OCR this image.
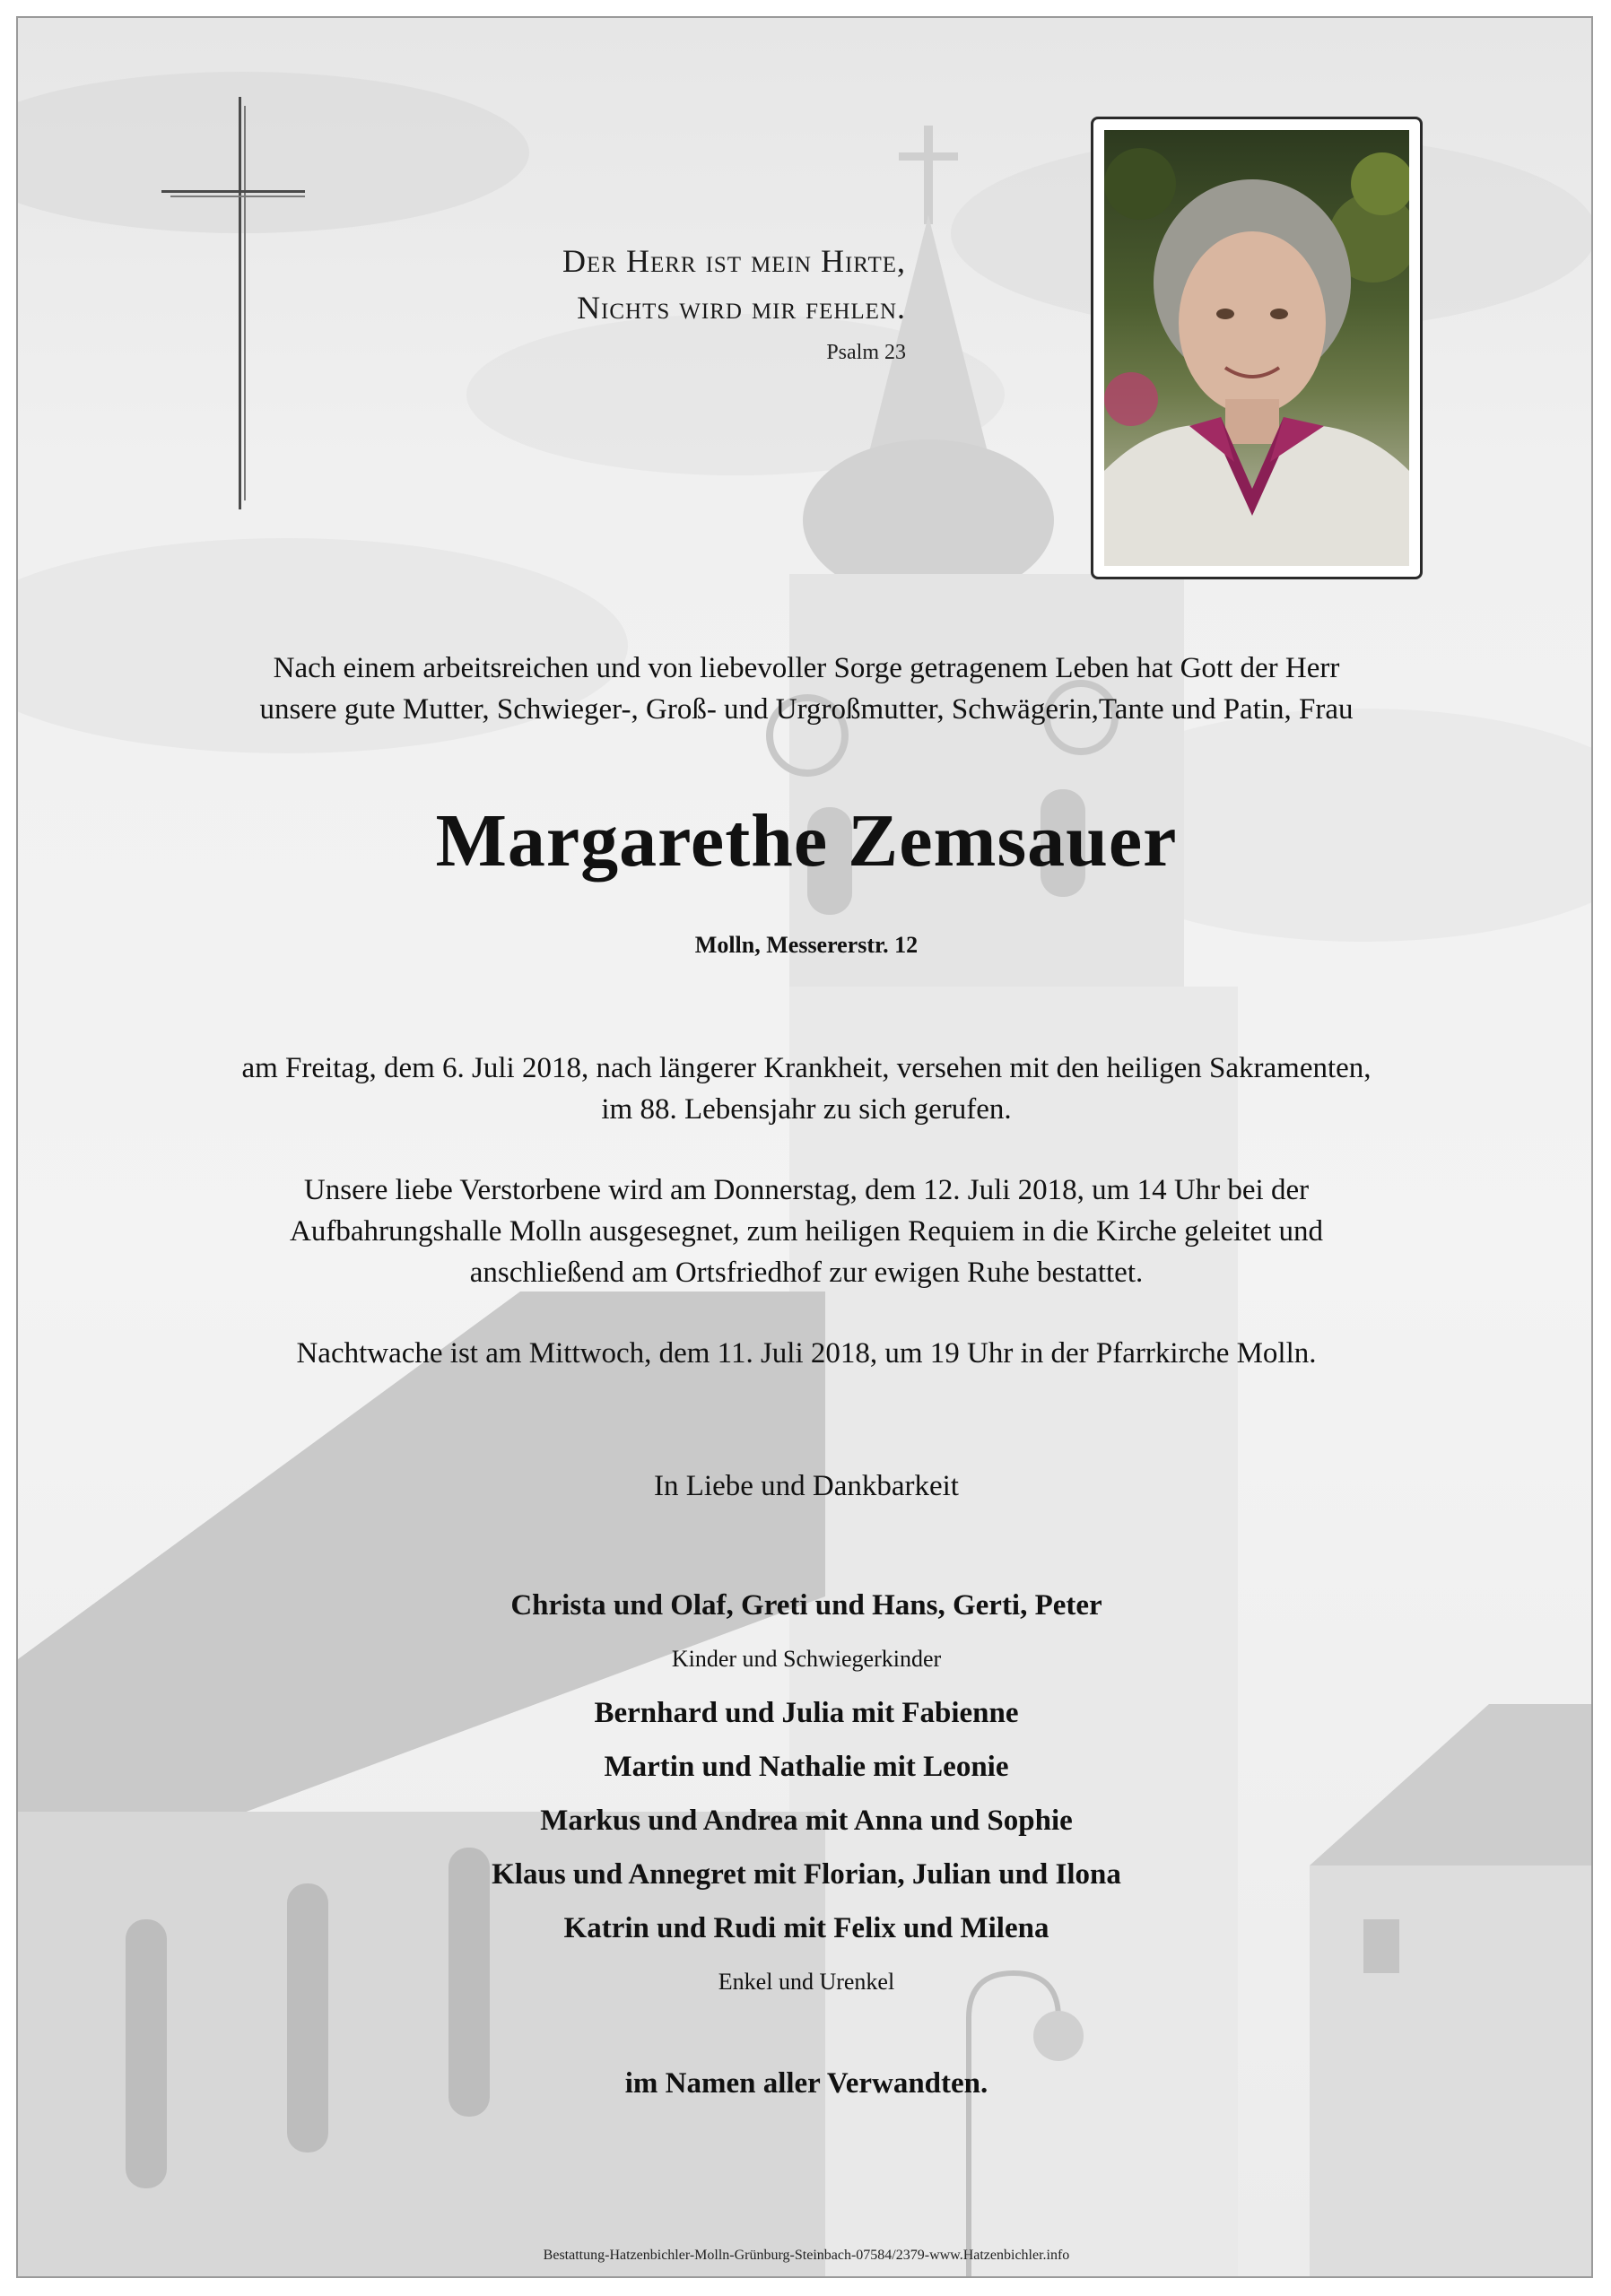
Der Herr ist mein Hirte,
Nichts wird mir fehlen.
Psalm 23
Nach einem arbeitsreichen und von liebevoller Sorge getragenem Leben hat Gott der Herr
unsere gute Mutter, Schwieger-, Groß- und Urgroßmutter, Schwägerin,Tante und Patin, Frau
Margarethe Zemsauer
Molln, Messererstr. 12
am Freitag, dem 6. Juli 2018, nach längerer Krankheit, versehen mit den heiligen Sakramenten,
im 88. Lebensjahr zu sich gerufen.
Unsere liebe Verstorbene wird am Donnerstag, dem 12. Juli 2018, um 14 Uhr bei der
Aufbahrungshalle Molln ausgesegnet, zum heiligen Requiem in die Kirche geleitet und
anschließend am Ortsfriedhof zur ewigen Ruhe bestattet.
Nachtwache ist am Mittwoch, dem 11. Juli 2018, um 19 Uhr in der Pfarrkirche Molln.
In Liebe und Dankbarkeit
Christa und Olaf, Greti und Hans, Gerti, Peter
Kinder und Schwiegerkinder
Bernhard und Julia mit Fabienne
Martin und Nathalie mit Leonie
Markus und Andrea mit Anna und Sophie
Klaus und Annegret mit Florian, Julian und Ilona
Katrin und Rudi mit Felix und Milena
Enkel und Urenkel
im Namen aller Verwandten.
Bestattung-Hatzenbichler-Molln-Grünburg-Steinbach-07584/2379-www.Hatzenbichler.info
